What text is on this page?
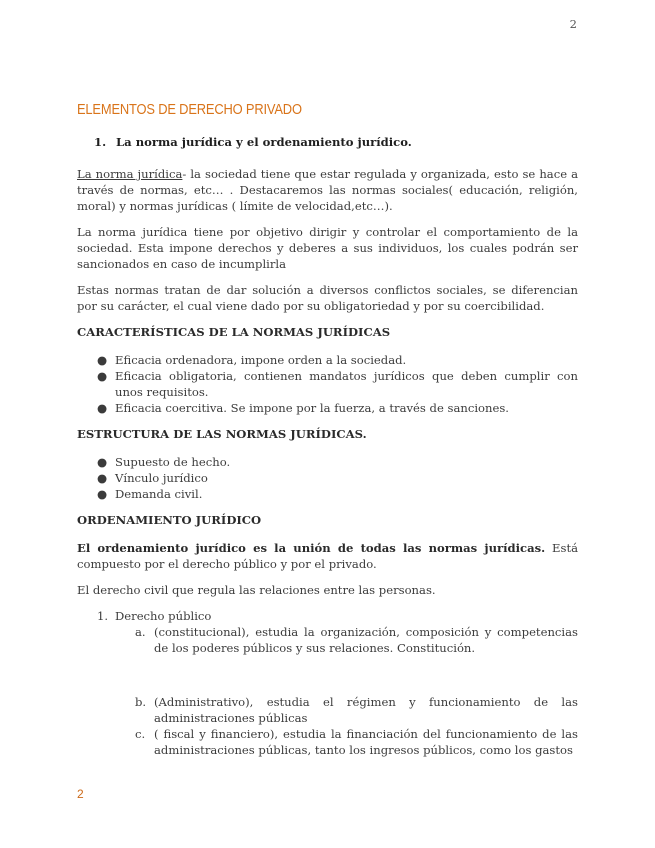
2
ELEMENTOS DE DERECHO PRIVADO
1. La norma jurídica y el ordenamiento jurídico.

La norma jurídica- la sociedad tiene que estar regulada y organizada, esto se hace a través de normas, etc… . Destacaremos las normas sociales( educación, religión, moral) y normas jurídicas ( límite de velocidad,etc…).

La norma jurídica tiene por objetivo dirigir y controlar el comportamiento de la sociedad. Esta impone derechos y deberes a sus individuos, los cuales podrán ser sancionados en caso de incumplirla

Estas normas tratan de dar solución a diversos conflictos sociales, se diferencian por su carácter, el cual viene dado por su obligatoriedad y por su coercibilidad.

CARACTERÍSTICAS DE LA NORMAS JURÍDICAS
● Eficacia ordenadora, impone orden a la sociedad.
● Eficacia obligatoria, contienen mandatos jurídicos que deben cumplir con unos requisitos.
● Eficacia coercitiva. Se impone por la fuerza, a través de sanciones.
ESTRUCTURA DE LAS NORMAS JURÍDICAS.
● Supuesto de hecho.
● Vínculo jurídico
● Demanda civil.
ORDENAMIENTO JURÍDICO

El ordenamiento jurídico es la unión de todas las normas jurídicas. Está compuesto por el derecho público y por el privado.

El derecho civil que regula las relaciones entre las personas.

1. Derecho público
a. (constitucional), estudia la organización, composición y competencias de los poderes públicos y sus relaciones. Constitución.
b. (Administrativo), estudia el régimen y funcionamiento de las administraciones públicas
c. ( fiscal y financiero), estudia la financiación del funcionamiento de las administraciones públicas, tanto los ingresos públicos, como los gastos
2
